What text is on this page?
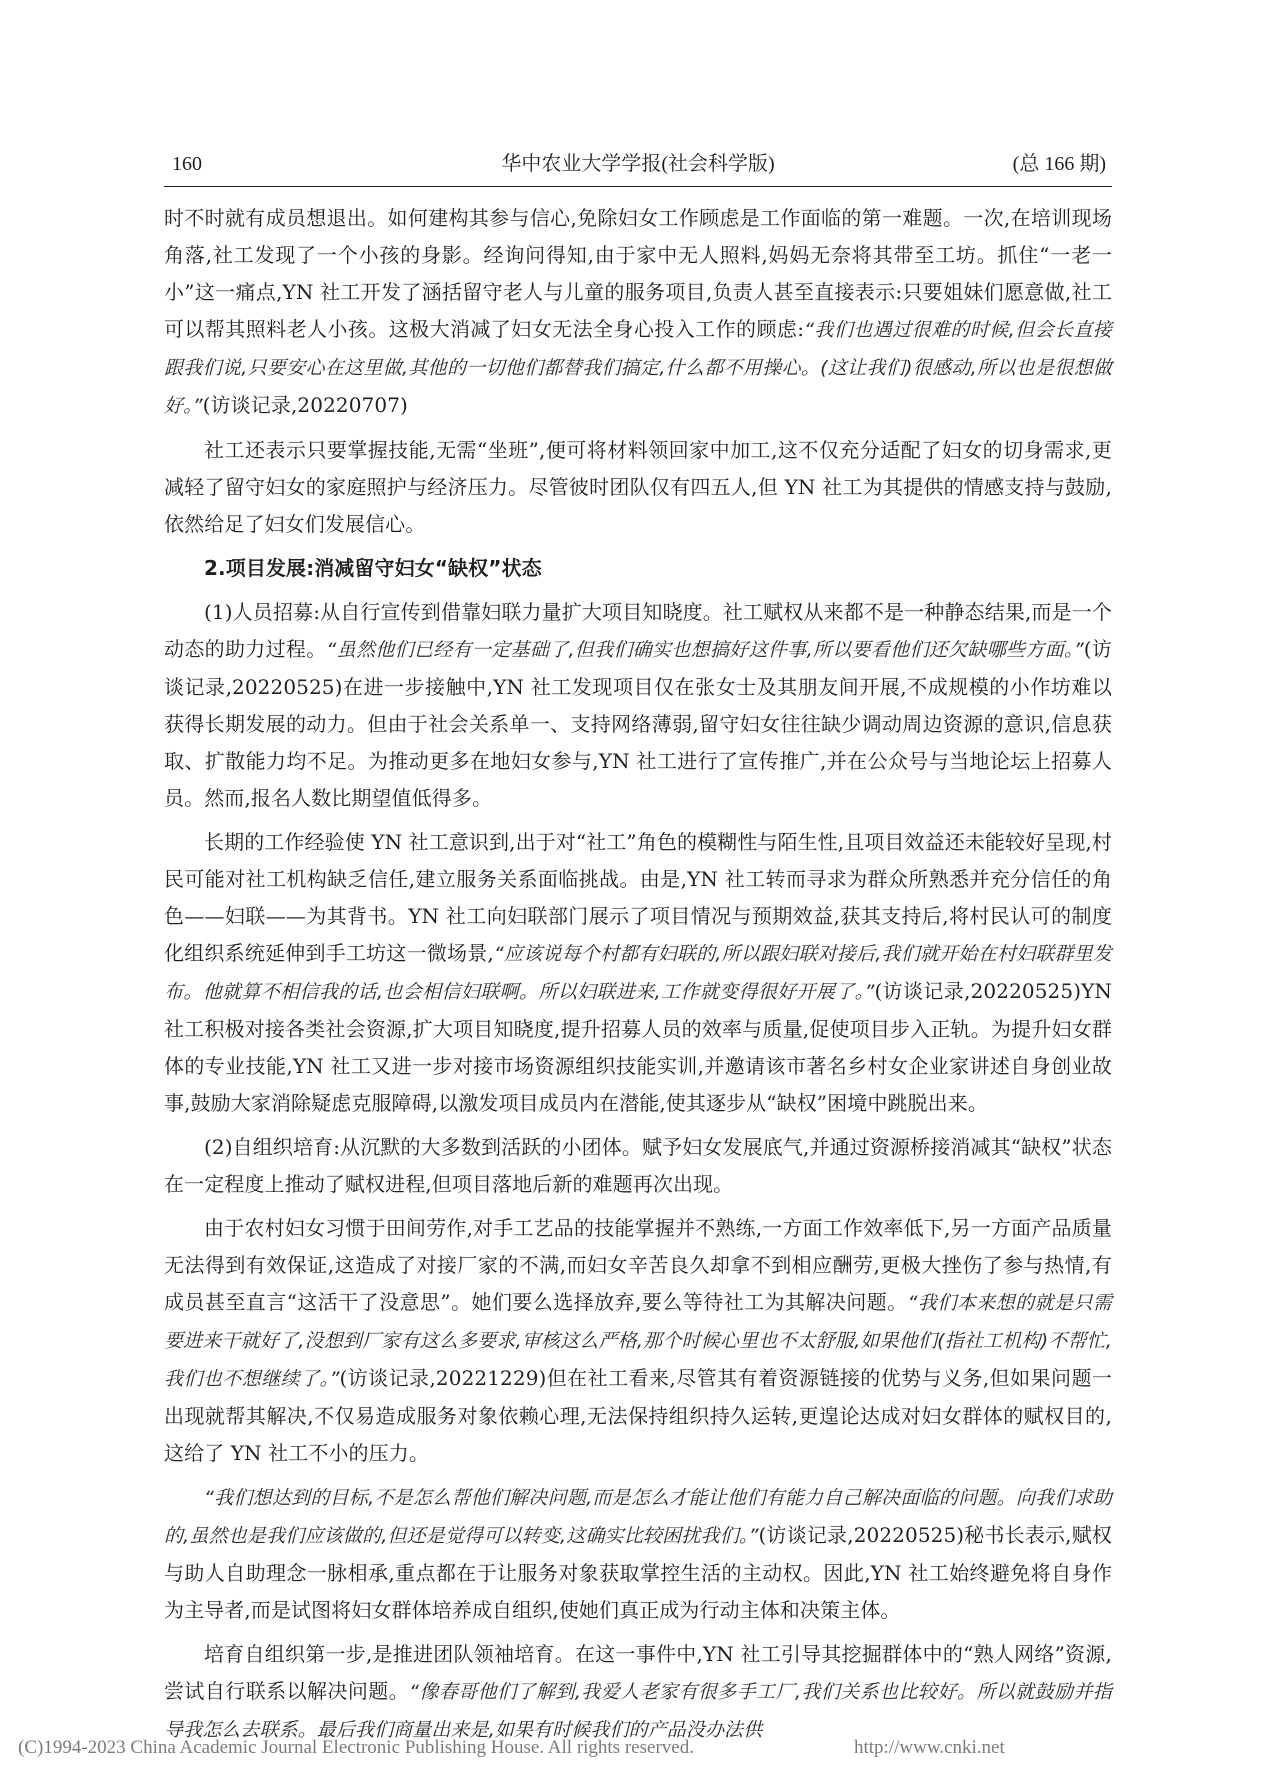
160	华中农业大学学报(社会科学版)	(总 166 期)

时不时就有成员想退出。如何建构其参与信心,免除妇女工作顾虑是工作面临的第一难题。一次,在培训现场角落,社工发现了一个小孩的身影。经询问得知,由于家中无人照料,妈妈无奈将其带至工坊。抓住“一老一小”这一痛点,YN 社工开发了涵括留守老人与儿童的服务项目,负责人甚至直接表示:只要姐妹们愿意做,社工可以帮其照料老人小孩。这极大消减了妇女无法全身心投入工作的顾虑:“我们也遇过很难的时候,但会长直接跟我们说,只要安心在这里做,其他的一切他们都替我们搞定,什么都不用操心。(这让我们)很感动,所以也是很想做好。”(访谈记录,20220707)

社工还表示只要掌握技能,无需“坐班”,便可将材料领回家中加工,这不仅充分适配了妇女的切身需求,更减轻了留守妇女的家庭照护与经济压力。尽管彼时团队仅有四五人,但 YN 社工为其提供的情感支持与鼓励,依然给足了妇女们发展信心。

2.项目发展:消减留守妇女“缺权”状态

(1)人员招募:从自行宣传到借靠妇联力量扩大项目知晓度。社工赋权从来都不是一种静态结果,而是一个动态的助力过程。“虽然他们已经有一定基础了,但我们确实也想搞好这件事,所以要看他们还欠缺哪些方面。”(访谈记录,20220525)在进一步接触中,YN 社工发现项目仅在张女士及其朋友间开展,不成规模的小作坊难以获得长期发展的动力。但由于社会关系单一、支持网络薄弱,留守妇女往往缺少调动周边资源的意识,信息获取、扩散能力均不足。为推动更多在地妇女参与,YN 社工进行了宣传推广,并在公众号与当地论坛上招募人员。然而,报名人数比期望值低得多。

长期的工作经验使 YN 社工意识到,出于对“社工”角色的模糊性与陌生性,且项目效益还未能较好呈现,村民可能对社工机构缺乏信任,建立服务关系面临挑战。由是,YN 社工转而寻求为群众所熟悉并充分信任的角色——妇联——为其背书。YN 社工向妇联部门展示了项目情况与预期效益,获其支持后,将村民认可的制度化组织系统延伸到手工坊这一微场景,“应该说每个村都有妇联的,所以跟妇联对接后,我们就开始在村妇联群里发布。他就算不相信我的话,也会相信妇联啊。所以妇联进来,工作就变得很好开展了。”(访谈记录,20220525)YN 社工积极对接各类社会资源,扩大项目知晓度,提升招募人员的效率与质量,促使项目步入正轨。为提升妇女群体的专业技能,YN 社工又进一步对接市场资源组织技能实训,并邀请该市著名乡村女企业家讲述自身创业故事,鼓励大家消除疑虑克服障碍,以激发项目成员内在潜能,使其逐步从“缺权”困境中跳脱出来。

(2)自组织培育:从沉默的大多数到活跃的小团体。赋予妇女发展底气,并通过资源桥接消减其“缺权”状态在一定程度上推动了赋权进程,但项目落地后新的难题再次出现。

由于农村妇女习惯于田间劳作,对手工艺品的技能掌握并不熟练,一方面工作效率低下,另一方面产品质量无法得到有效保证,这造成了对接厂家的不满,而妇女辛苦良久却拿不到相应酬劳,更极大挫伤了参与热情,有成员甚至直言“这活干了没意思”。她们要么选择放弃,要么等待社工为其解决问题。“我们本来想的就是只需要进来干就好了,没想到厂家有这么多要求,审核这么严格,那个时候心里也不太舒服,如果他们(指社工机构)不帮忙,我们也不想继续了。”(访谈记录,20221229)但在社工看来,尽管其有着资源链接的优势与义务,但如果问题一出现就帮其解决,不仅易造成服务对象依赖心理,无法保持组织持久运转,更遑论达成对妇女群体的赋权目的,这给了 YN 社工不小的压力。

“我们想达到的目标,不是怎么帮他们解决问题,而是怎么才能让他们有能力自己解决面临的问题。向我们求助的,虽然也是我们应该做的,但还是觉得可以转变,这确实比较困扰我们。”(访谈记录,20220525)秘书长表示,赋权与助人自助理念一脉相承,重点都在于让服务对象获取掌控生活的主动权。因此,YN 社工始终避免将自身作为主导者,而是试图将妇女群体培养成自组织,使她们真正成为行动主体和决策主体。

培育自组织第一步,是推进团队领袖培育。在这一事件中,YN 社工引导其挖掘群体中的“熟人网络”资源,尝试自行联系以解决问题。“像春哥他们了解到,我爱人老家有很多手工厂,我们关系也比较好。所以就鼓励并指导我怎么去联系。最后我们商量出来是,如果有时候我们的产品没办法供

(C)1994-2023 China Academic Journal Electronic Publishing House. All rights reserved.	http://www.cnki.net
